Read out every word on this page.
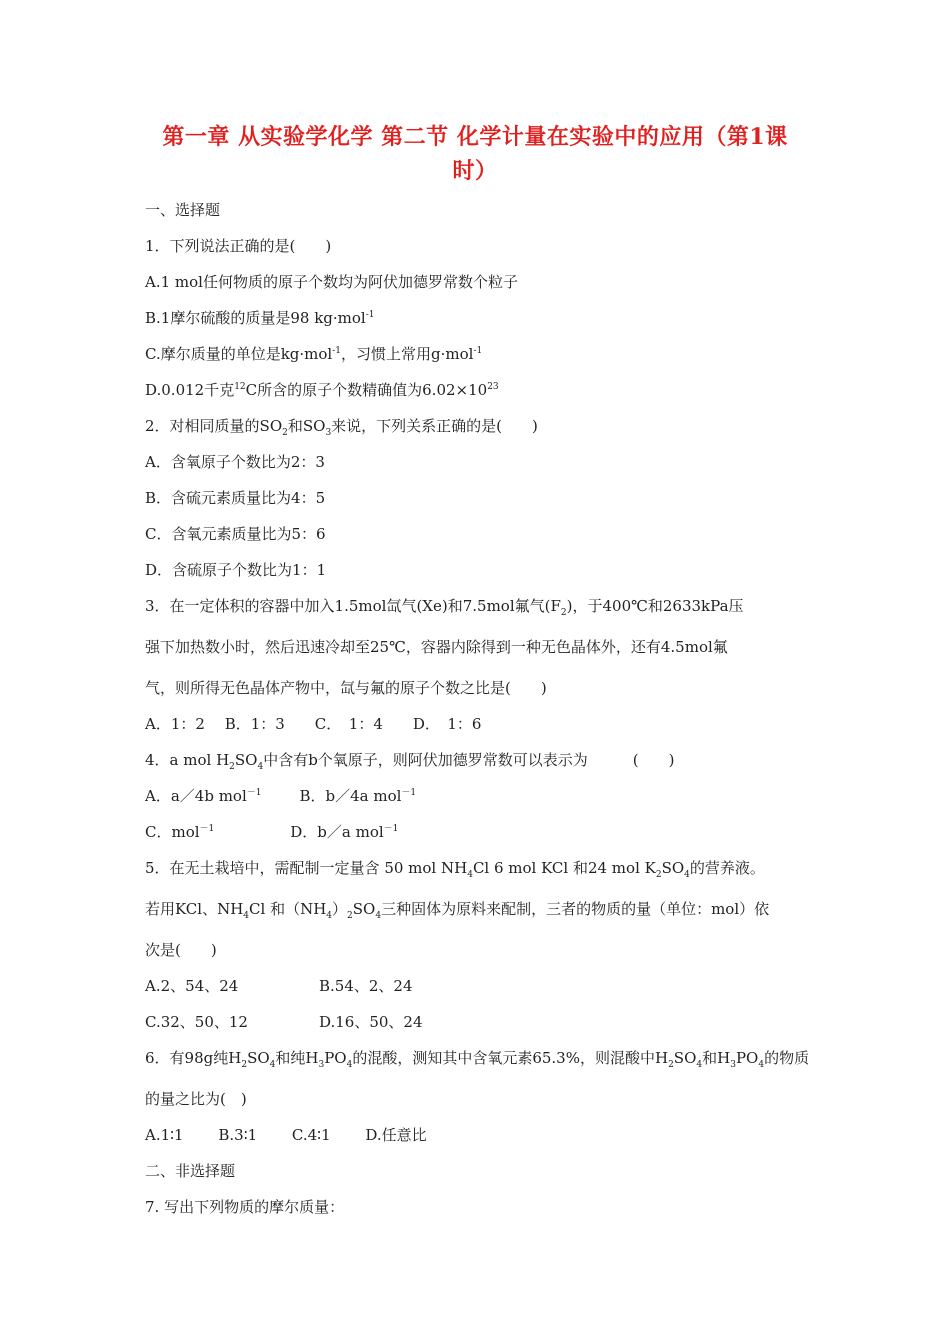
第一章 从实验学化学 第二节 化学计量在实验中的应用（第1课
时）
一、选择题
1．下列说法正确的是(　　)
A.1 mol任何物质的原子个数均为阿伏加德罗常数个粒子
B.1摩尔硫酸的质量是98 kg·mol$^{-1}$
C.摩尔质量的单位是kg·mol$^{-1}$，习惯上常用g·mol$^{-1}$
D.0.012千克$^{12}$C所含的原子个数精确值为$6.02\times 10^{23}$
2．对相同质量的$SO_2$和$SO_3$来说，下列关系正确的是(　　)
A．含氧原子个数比为2：3
B．含硫元素质量比为4：5
C．含氧元素质量比为5：6
D．含硫原子个数比为1：1
3．在一定体积的容器中加入1.5mol氙气(Xe)和7.5mol氟气$(F_2)$，于400℃和2633kPa压
强下加热数小时，然后迅速冷却至25℃，容器内除得到一种无色晶体外，还有4.5mol氟
气，则所得无色晶体产物中，氙与氟的原子个数之比是(　　)
A．1：2　 B．1：3　　C．　1：4　　D．　1：6
4．a mol $H_2SO_4$中含有b个氧原子，则阿伏加德罗常数可以表示为　　　(　　)
A．a／4b mol$^{-1}$	B．b／4a mol$^{-1}$
C．mol$^{-1}$	D．b／a mol$^{-1}$
5．在无土栽培中，需配制一定量含 50 mol $NH_4Cl$ 6 mol KCl 和24 mol $K_2SO_4$的营养液。
若用KCl、$NH_4Cl$ 和$(NH_4)_2SO_4$三种固体为原料来配制，三者的物质的量（单位：mol）依
次是(　　)
A.2、54、24	B.54、2、24
C.32、50、12	D.16、50、24
6．有98g纯$H_2SO_4$和纯$H_3PO_4$的混酸，测知其中含氧元素65.3%，则混酸中$H_2SO_4$和$H_3PO_4$的物质
的量之比为(　)
A.1∶1　　 B.3∶1　　 C.4∶1　　 D.任意比
二、非选择题
7. 写出下列物质的摩尔质量：
